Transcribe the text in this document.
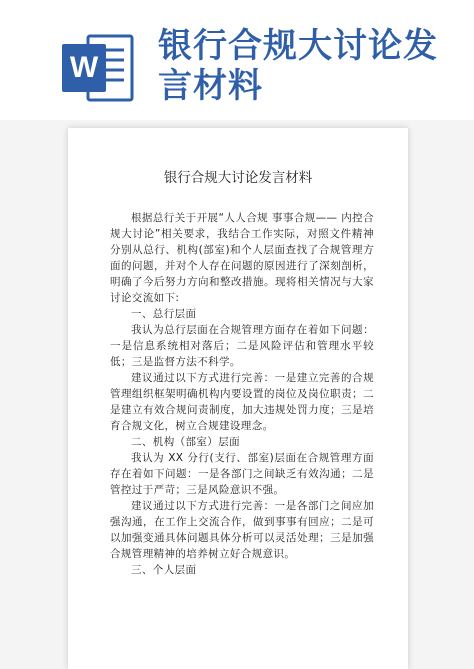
W
银行合规大讨论发言材料
银行合规大讨论发言材料

根据总行关于开展“人人合规 事事合规—— 内控合规大讨论”相关要求，我结合工作实际，对照文件精神分别从总行、机构(部室)和个人层面查找了合规管理方面的问题，并对个人存在问题的原因进行了深刻剖析，明确了今后努力方向和整改措施。现将相关情况与大家讨论交流如下:

一、总行层面

我认为总行层面在合规管理方面存在着如下问题：一是信息系统相对落后；二是风险评估和管理水平较低；三是监督方法不科学。

建议通过以下方式进行完善：一是建立完善的合规管理组织框架明确机构内要设置的岗位及岗位职责；二是建立有效合规问责制度，加大违规处罚力度；三是培育合规文化，树立合规建设理念。

二、机构（部室）层面

我认为 XX 分行(支行、部室)层面在合规管理方面存在着如下问题：一是各部门之间缺乏有效沟通；二是管控过于严苛；三是风险意识不强。

建议通过以下方式进行完善：一是各部门之间应加强沟通，在工作上交流合作，做到事事有回应；二是可以加强变通具体问题具体分析可以灵活处理；三是加强合规管理精神的培养树立好合规意识。

三、个人层面
